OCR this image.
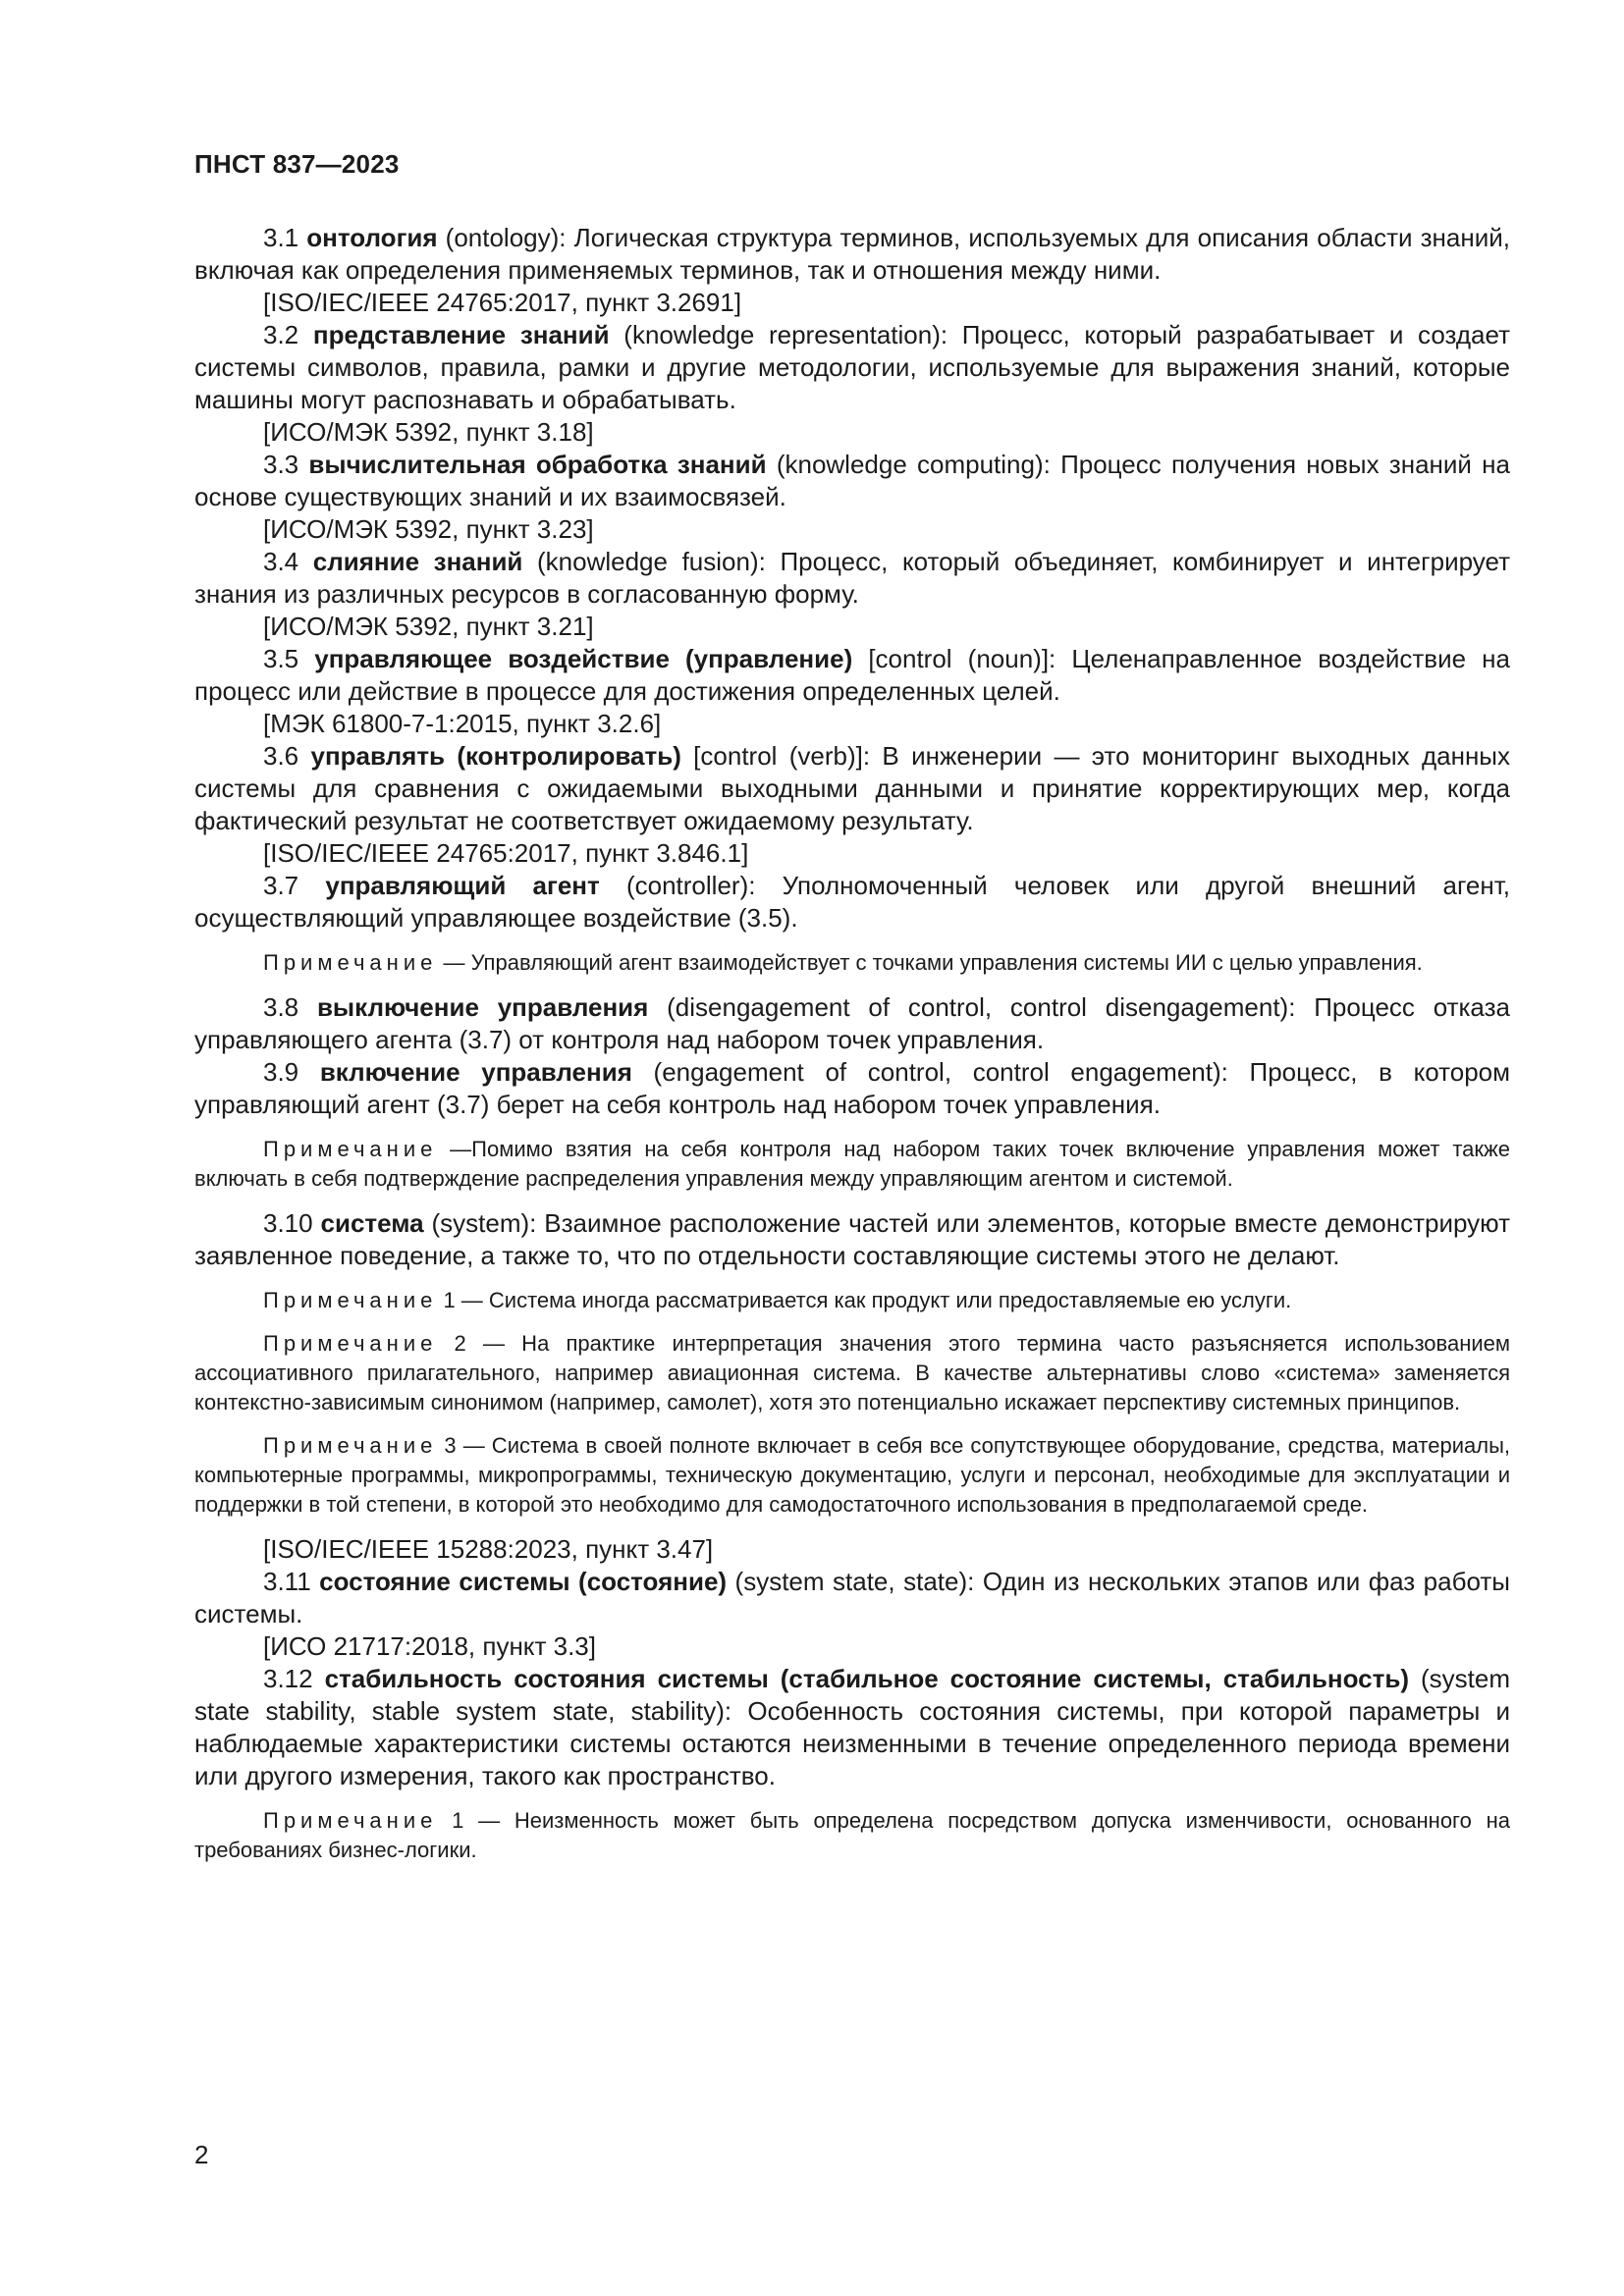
ПНСТ 837—2023

3.1 онтология (ontology): Логическая структура терминов, используемых для описания области знаний, включая как определения применяемых терминов, так и отношения между ними.

[ISO/IEC/IEEE 24765:2017, пункт 3.2691]

3.2 представление знаний (knowledge representation): Процесс, который разрабатывает и создает системы символов, правила, рамки и другие методологии, используемые для выражения знаний, которые машины могут распознавать и обрабатывать.

[ИСО/МЭК 5392, пункт 3.18]

3.3 вычислительная обработка знаний (knowledge computing): Процесс получения новых знаний на основе существующих знаний и их взаимосвязей.

[ИСО/МЭК 5392, пункт 3.23]

3.4 слияние знаний (knowledge fusion): Процесс, который объединяет, комбинирует и интегрирует знания из различных ресурсов в согласованную форму.

[ИСО/МЭК 5392, пункт 3.21]

3.5 управляющее воздействие (управление) [control (noun)]: Целенаправленное воздействие на процесс или действие в процессе для достижения определенных целей.

[МЭК 61800-7-1:2015, пункт 3.2.6]

3.6 управлять (контролировать) [control (verb)]: В инженерии — это мониторинг выходных данных системы для сравнения с ожидаемыми выходными данными и принятие корректирующих мер, когда фактический результат не соответствует ожидаемому результату.

[ISO/IEC/IEEE 24765:2017, пункт 3.846.1]

3.7 управляющий агент (controller): Уполномоченный человек или другой внешний агент, осуществляющий управляющее воздействие (3.5).

Примечание — Управляющий агент взаимодействует с точками управления системы ИИ с целью управления.

3.8 выключение управления (disengagement of control, control disengagement): Процесс отказа управляющего агента (3.7) от контроля над набором точек управления.

3.9 включение управления (engagement of control, control engagement): Процесс, в котором управляющий агент (3.7) берет на себя контроль над набором точек управления.

Примечание —Помимо взятия на себя контроля над набором таких точек включение управления может также включать в себя подтверждение распределения управления между управляющим агентом и системой.

3.10 система (system): Взаимное расположение частей или элементов, которые вместе демонстрируют заявленное поведение, а также то, что по отдельности составляющие системы этого не делают.

Примечание 1 — Система иногда рассматривается как продукт или предоставляемые ею услуги.

Примечание 2 — На практике интерпретация значения этого термина часто разъясняется использованием ассоциативного прилагательного, например авиационная система. В качестве альтернативы слово «система» заменяется контекстно-зависимым синонимом (например, самолет), хотя это потенциально искажает перспективу системных принципов.

Примечание 3 — Система в своей полноте включает в себя все сопутствующее оборудование, средства, материалы, компьютерные программы, микропрограммы, техническую документацию, услуги и персонал, необходимые для эксплуатации и поддержки в той степени, в которой это необходимо для самодостаточного использования в предполагаемой среде.

[ISO/IEC/IEEE 15288:2023, пункт 3.47]

3.11 состояние системы (состояние) (system state, state): Один из нескольких этапов или фаз работы системы.

[ИСО 21717:2018, пункт 3.3]

3.12 стабильность состояния системы (стабильное состояние системы, стабильность) (system state stability, stable system state, stability): Особенность состояния системы, при которой параметры и наблюдаемые характеристики системы остаются неизменными в течение определенного периода времени или другого измерения, такого как пространство.

Примечание 1 — Неизменность может быть определена посредством допуска изменчивости, основанного на требованиях бизнес-логики.

2
